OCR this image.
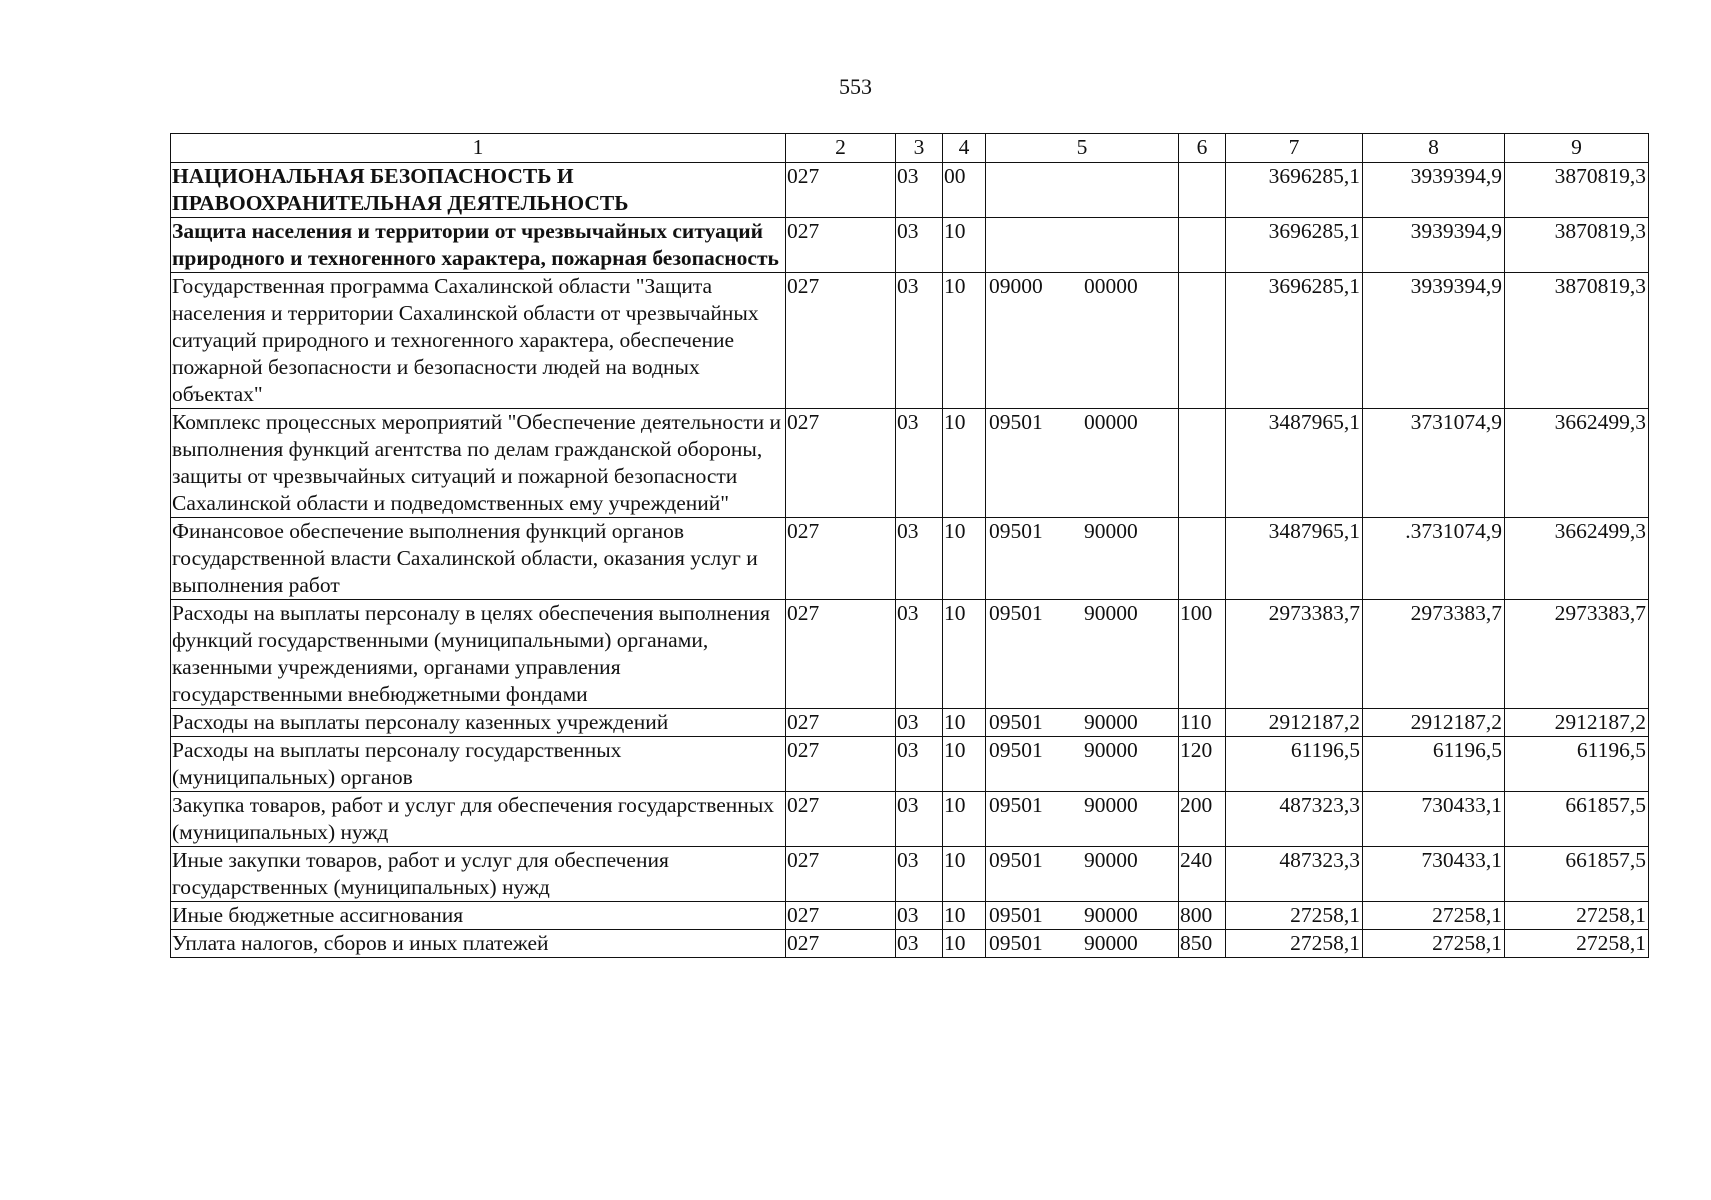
553
1	2	3	4	5	6	7	8	9
НАЦИОНАЛЬНАЯ БЕЗОПАСНОСТЬ И ПРАВООХРАНИТЕЛЬНАЯ ДЕЯТЕЛЬНОСТЬ	027	03	00			3696285,1	3939394,9	3870819,3
Защита населения и территории от чрезвычайных ситуаций природного и техногенного характера, пожарная безопасность	027	03	10			3696285,1	3939394,9	3870819,3
Государственная программа Сахалинской области "Защита населения и территории Сахалинской области от чрезвычайных ситуаций природного и техногенного характера, обеспечение пожарной безопасности и безопасности людей на водных объектах"	027	03	10	09000 00000		3696285,1	3939394,9	3870819,3
Комплекс процессных мероприятий "Обеспечение деятельности и выполнения функций агентства по делам гражданской обороны, защиты от чрезвычайных ситуаций и пожарной безопасности Сахалинской области и подведомственных ему учреждений"	027	03	10	09501 00000		3487965,1	3731074,9	3662499,3
Финансовое обеспечение выполнения функций органов государственной власти Сахалинской области, оказания услуг и выполнения работ	027	03	10	09501 90000		3487965,1	.3731074,9	3662499,3
Расходы на выплаты персоналу в целях обеспечения выполнения функций государственными (муниципальными) органами, казенными учреждениями, органами управления государственными внебюджетными фондами	027	03	10	09501 90000	100	2973383,7	2973383,7	2973383,7
Расходы на выплаты персоналу казенных учреждений	027	03	10	09501 90000	110	2912187,2	2912187,2	2912187,2
Расходы на выплаты персоналу государственных (муниципальных) органов	027	03	10	09501 90000	120	61196,5	61196,5	61196,5
Закупка товаров, работ и услуг для обеспечения государственных (муниципальных) нужд	027	03	10	09501 90000	200	487323,3	730433,1	661857,5
Иные закупки товаров, работ и услуг для обеспечения государственных (муниципальных) нужд	027	03	10	09501 90000	240	487323,3	730433,1	661857,5
Иные бюджетные ассигнования	027	03	10	09501 90000	800	27258,1	27258,1	27258,1
Уплата налогов, сборов и иных платежей	027	03	10	09501 90000	850	27258,1	27258,1	27258,1
